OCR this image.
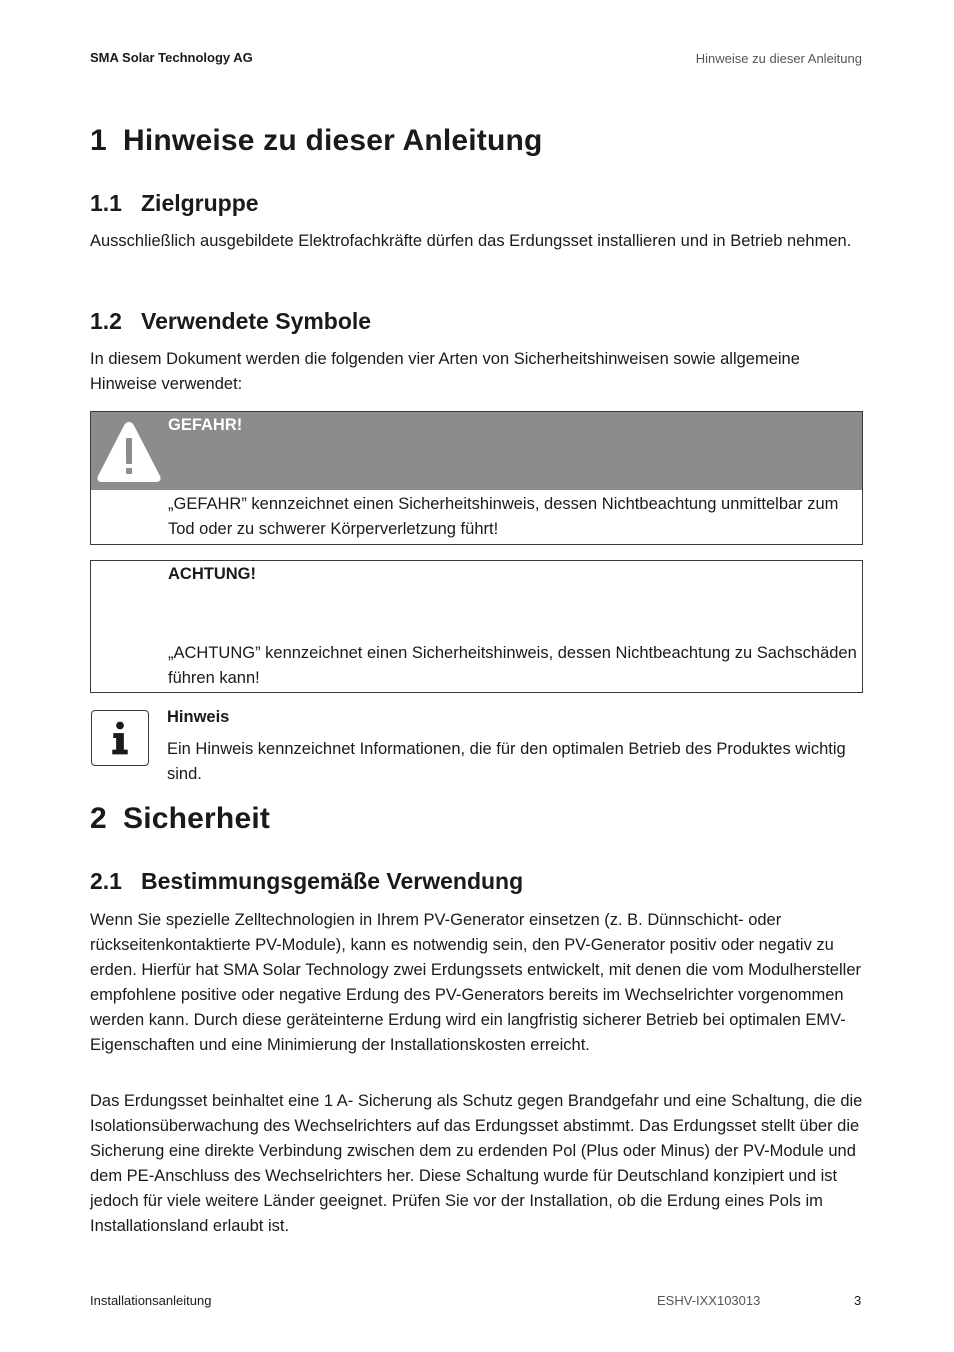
SMA Solar Technology AG	Hinweise zu dieser Anleitung
1 Hinweise zu dieser Anleitung
1.1 Zielgruppe
Ausschließlich ausgebildete Elektrofachkräfte dürfen das Erdungsset installieren und in Betrieb nehmen.
1.2 Verwendete Symbole
In diesem Dokument werden die folgenden vier Arten von Sicherheitshinweisen sowie allgemeine Hinweise verwendet:
GEFAHR!
„GEFAHR” kennzeichnet einen Sicherheitshinweis, dessen Nichtbeachtung unmittelbar zum Tod oder zu schwerer Körperverletzung führt!
ACHTUNG!
„ACHTUNG” kennzeichnet einen Sicherheitshinweis, dessen Nichtbeachtung zu Sachschäden führen kann!
Hinweis
Ein Hinweis kennzeichnet Informationen, die für den optimalen Betrieb des Produktes wichtig sind.
2 Sicherheit
2.1 Bestimmungsgemäße Verwendung
Wenn Sie spezielle Zelltechnologien in Ihrem PV-Generator einsetzen (z. B. Dünnschicht- oder rückseitenkontaktierte PV-Module), kann es notwendig sein, den PV-Generator positiv oder negativ zu erden. Hierfür hat SMA Solar Technology zwei Erdungssets entwickelt, mit denen die vom Modulhersteller empfohlene positive oder negative Erdung des PV-Generators bereits im Wechselrichter vorgenommen werden kann. Durch diese geräteinterne Erdung wird ein langfristig sicherer Betrieb bei optimalen EMV-Eigenschaften und eine Minimierung der Installationskosten erreicht.
Das Erdungsset beinhaltet eine 1 A- Sicherung als Schutz gegen Brandgefahr und eine Schaltung, die die Isolationsüberwachung des Wechselrichters auf das Erdungsset abstimmt. Das Erdungsset stellt über die Sicherung eine direkte Verbindung zwischen dem zu erdenden Pol (Plus oder Minus) der PV-Module und dem PE-Anschluss des Wechselrichters her. Diese Schaltung wurde für Deutschland konzipiert und ist jedoch für viele weitere Länder geeignet. Prüfen Sie vor der Installation, ob die Erdung eines Pols im Installationsland erlaubt ist.
Installationsanleitung	ESHV-IXX103013	3
